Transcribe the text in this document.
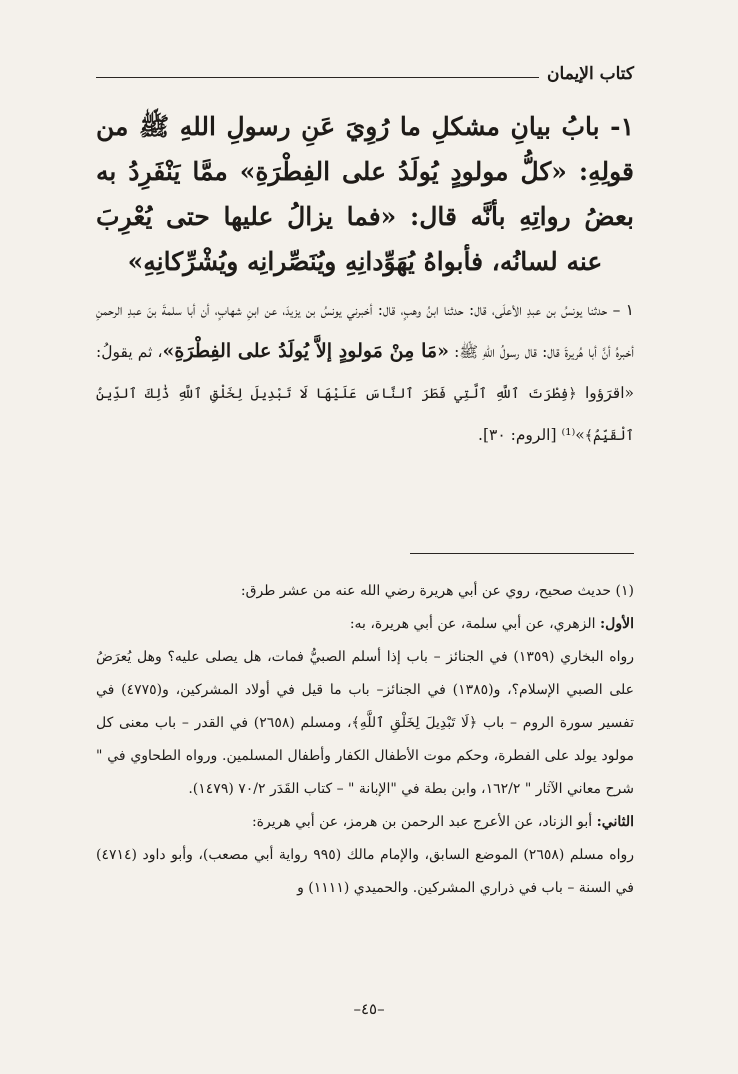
كتاب الإيمان
١- بابُ بيانِ مشكلِ ما رُوِيَ عَنِ رسولِ اللهِ ﷺ من قولِهِ: «كلُّ مولودٍ يُولَدُ على الفِطْرَةِ» ممَّا يَنْفَرِدُ به بعضُ رواتِهِ بأنَّه قال: «فما يزالُ عليها حتى يُعْرِبَ عنه لسانُه، فأبواهُ يُهَوِّدانِهِ ويُنَصِّرانِه ويُشْرِّكانِهِ»
١ – حدثنا يونسُ بن عبدِ الأعلَى، قال: حدثنا ابنُ وهبٍ، قال: أخبرني يونسُ بن يزيدَ، عن ابنِ شهابٍ، أن أبا سلمةَ بنَ عبدِ الرحمنِ أخبرهُ أنَّ أبا هُريرةَ قال: قال رسولُ اللهِ ﷺ: «مَا مِنْ مَولودٍ إلاَّ يُولَدُ على الفِطْرَةِ»، ثم يقولُ: «اقرَؤوا ﴿فِطْرَتَ ٱللَّهِ ٱلَّتِي فَطَرَ ٱلنَّاسَ عَلَيْهَا لَا تَبْدِيلَ لِخَلْقِ ٱللَّهِ ذَٰلِكَ ٱلدِّينُ ٱلْقَيِّمُ﴾»⁽¹⁾ [الروم: ٣٠].

(١) حديث صحيح، روي عن أبي هريرة رضي الله عنه من عشر طرق:

الأول: الزهري، عن أبي سلمة، عن أبي هريرة، به:

رواه البخاري (١٣٥٩) في الجنائز – باب إذا أسلم الصبيُّ فمات، هل يصلى عليه؟ وهل يُعرَضُ على الصبي الإسلام؟، و(١٣٨٥) في الجنائز– باب ما قيل في أولاد المشركين، و(٤٧٧٥) في تفسير سورة الروم – باب ﴿لَا تَبْدِيلَ لِخَلْقِ ٱللَّهِ﴾، ومسلم (٢٦٥٨) في القدر – باب معنى كل مولود يولد على الفطرة، وحكم موت الأطفال الكفار وأطفال المسلمين. ورواه الطحاوي في " شرح معاني الآثار " ١٦٢/٢، وابن بطة في "الإبانة " – كتاب القَدَر ٧٠/٢ (١٤٧٩).

الثاني: أبو الزناد، عن الأعرج عبد الرحمن بن هرمز، عن أبي هريرة:

رواه مسلم (٢٦٥٨) الموضع السابق، والإمام مالك (٩٩٥ رواية أبي مصعب)، وأبو داود (٤٧١٤) في السنة – باب في ذراري المشركين. والحميدي (١١١١) و

–٤٥–
